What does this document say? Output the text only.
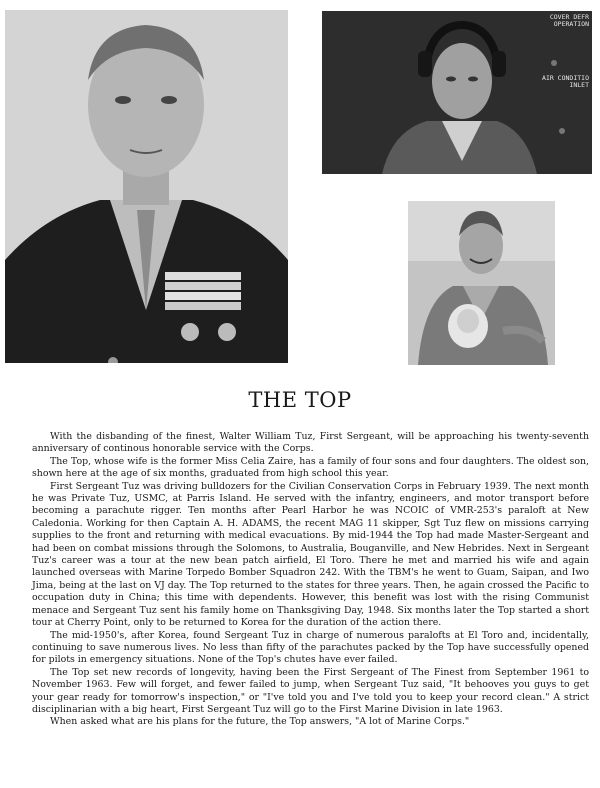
COVER DEFR
OPERATION
AIR CONDITIO
INLET
THE TOP

With the disbanding of the finest, Walter William Tuz, First Sergeant, will be approaching his twenty-seventh anniversary of continous honorable service with the Corps.

The Top, whose wife is the former Miss Celia Zaire, has a family of four sons and four daughters. The oldest son, shown here at the age of six months, graduated from high school this year.

First Sergeant Tuz was driving bulldozers for the Civilian Conservation Corps in February 1939. The next month he was Private Tuz, USMC, at Parris Island. He served with the infantry, engineers, and motor transport before becoming a parachute rigger. Ten months after Pearl Harbor he was NCOIC of VMR-253's paraloft at New Caledonia. Working for then Captain A. H. ADAMS, the recent MAG 11 skipper, Sgt Tuz flew on missions carrying supplies to the front and returning with medical evacuations. By mid-1944 the Top had made Master-Sergeant and had been on combat missions through the Solomons, to Australia, Bouganville, and New Hebrides. Next in Sergeant Tuz's career was a tour at the new bean patch airfield, El Toro. There he met and married his wife and again launched overseas with Marine Torpedo Bomber Squadron 242. With the TBM's he went to Guam, Saipan, and Iwo Jima, being at the last on VJ day. The Top returned to the states for three years. Then, he again crossed the Pacific to occupation duty in China; this time with dependents. However, this benefit was lost with the rising Communist menace and Sergeant Tuz sent his family home on Thanksgiving Day, 1948. Six months later the Top started a short tour at Cherry Point, only to be returned to Korea for the duration of the action there.

The mid-1950's, after Korea, found Sergeant Tuz in charge of numerous paralofts at El Toro and, incidentally, continuing to save numerous lives. No less than fifty of the parachutes packed by the Top have successfully opened for pilots in emergency situations. None of the Top's chutes have ever failed.

The Top set new records of longevity, having been the First Sergeant of The Finest from September 1961 to November 1963. Few will forget, and fewer failed to jump, when Sergeant Tuz said, "It behooves you guys to get your gear ready for tomorrow's inspection," or "I've told you and I've told you to keep your record clean." A strict disciplinarian with a big heart, First Sergeant Tuz will go to the First Marine Division in late 1963.

When asked what are his plans for the future, the Top answers, "A lot of Marine Corps."
